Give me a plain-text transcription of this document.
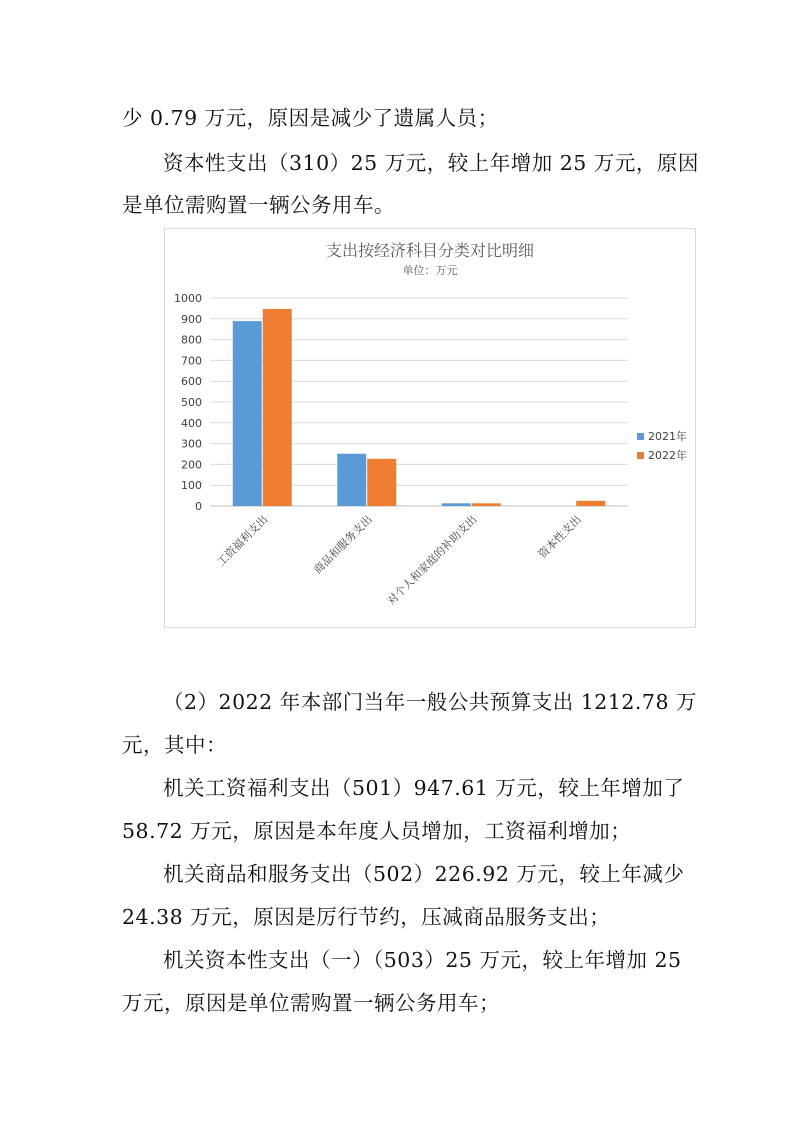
少 0.79 万元，原因是减少了遗属人员；
资本性支出（310）25 万元，较上年增加 25 万元，原因
是单位需购置一辆公务用车。
支出按经济科目分类对比明细
单位：万元
0
100
200
300
400
500
600
700
800
900
1000
工资福利支出	商品和服务支出 对个人和家庭的补助支出	资本性支出
2021年
2022年
（2）2022 年本部门当年一般公共预算支出 1212.78 万
元，其中：
机关工资福利支出（501）947.61 万元，较上年增加了
58.72 万元，原因是本年度人员增加，工资福利增加；
机关商品和服务支出（502）226.92 万元，较上年减少
24.38 万元，原因是厉行节约，压减商品服务支出；
机关资本性支出（一）（503）25 万元，较上年增加 25
万元，原因是单位需购置一辆公务用车；
